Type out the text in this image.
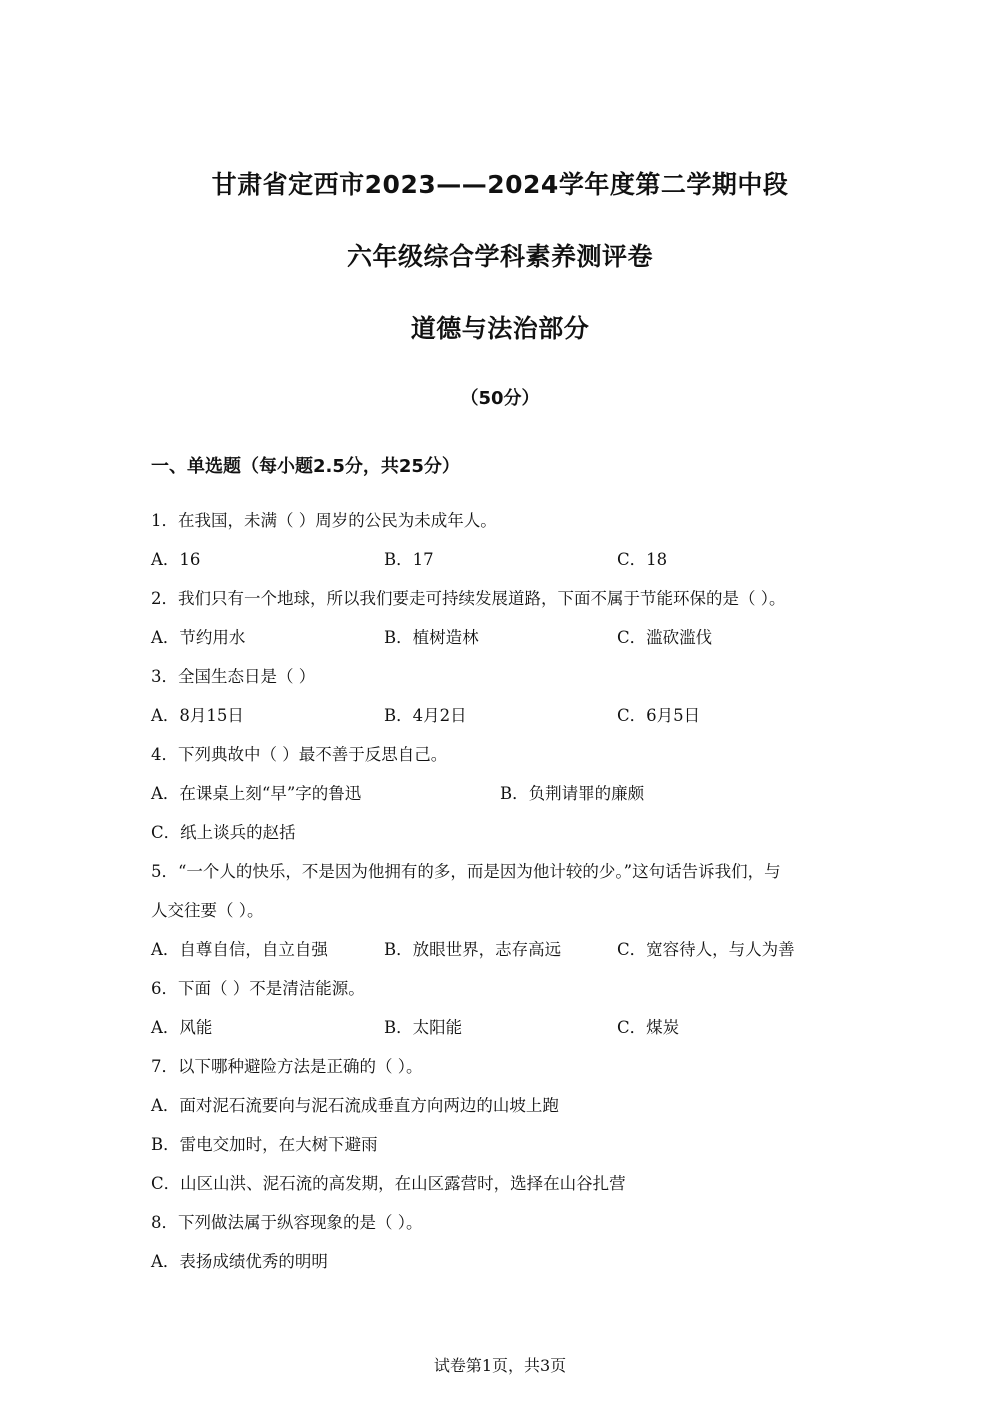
甘肃省定西市2023——2024学年度第二学期中段
六年级综合学科素养测评卷
道德与法治部分
（50分）
一、单选题（每小题2.5分，共25分）
1．在我国，未满（ ）周岁的公民为未成年人。
A．16	B．17	C．18
2．我们只有一个地球，所以我们要走可持续发展道路，下面不属于节能环保的是（ ）。
A．节约用水	B．植树造林	C．滥砍滥伐
3．全国生态日是（ ）
A．8月15日	B．4月2日	C．6月5日
4．下列典故中（ ）最不善于反思自己。
A．在课桌上刻“早”字的鲁迅	B．负荆请罪的廉颇
C．纸上谈兵的赵括
5．“一个人的快乐，不是因为他拥有的多，而是因为他计较的少。”这句话告诉我们，与
人交往要（ ）。
A．自尊自信，自立自强	B．放眼世界，志存高远	C．宽容待人，与人为善
6．下面（ ）不是清洁能源。
A．风能	B．太阳能	C．煤炭
7．以下哪种避险方法是正确的（ ）。
A．面对泥石流要向与泥石流成垂直方向两边的山坡上跑
B．雷电交加时，在大树下避雨
C．山区山洪、泥石流的高发期，在山区露营时，选择在山谷扎营
8．下列做法属于纵容现象的是（ ）。
A．表扬成绩优秀的明明
试卷第1页，共3页
